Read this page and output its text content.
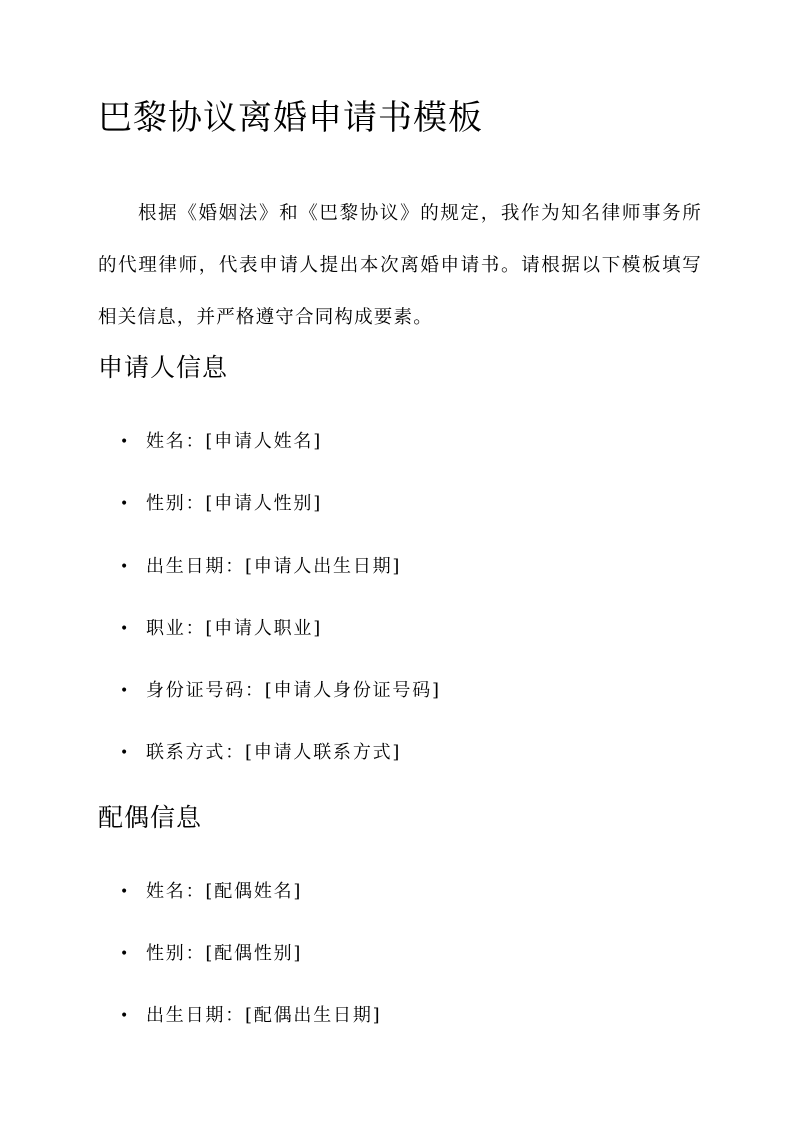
巴黎协议离婚申请书模板

根据《婚姻法》和《巴黎协议》的规定，我作为知名律师事务所的代理律师，代表申请人提出本次离婚申请书。请根据以下模板填写相关信息，并严格遵守合同构成要素。

申请人信息
• 姓名：[申请人姓名]
• 性别：[申请人性别]
• 出生日期：[申请人出生日期]
• 职业：[申请人职业]
• 身份证号码：[申请人身份证号码]
• 联系方式：[申请人联系方式]
配偶信息
• 姓名：[配偶姓名]
• 性别：[配偶性别]
• 出生日期：[配偶出生日期]
